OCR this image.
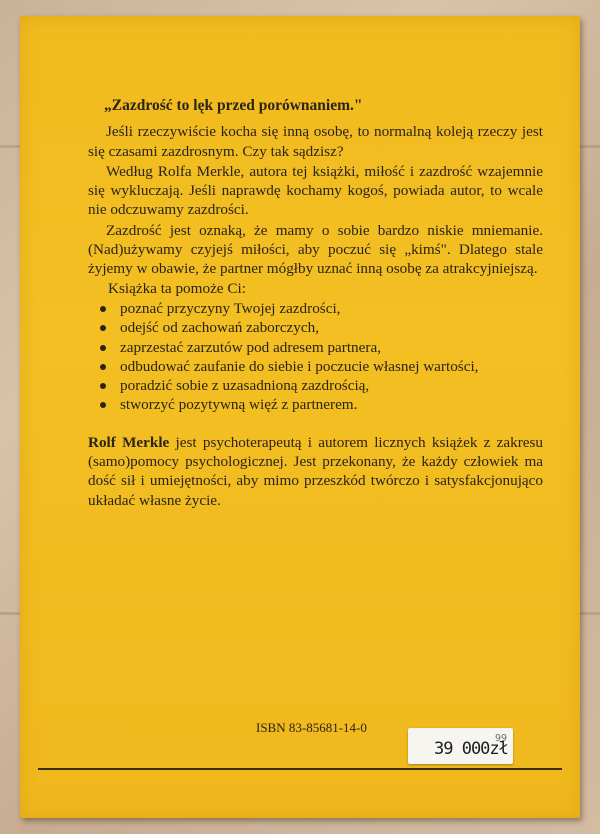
„Zazdrość to lęk przed porównaniem."

Jeśli rzeczywiście kocha się inną osobę, to normalną koleją rzeczy jest się czasami zazdrosnym. Czy tak sądzisz?

Według Rolfa Merkle, autora tej książki, miłość i zazdrość wzajemnie się wykluczają. Jeśli naprawdę kochamy kogoś, powiada autor, to wcale nie odczuwamy zazdrości.

Zazdrość jest oznaką, że mamy o sobie bardzo niskie mniemanie. (Nad)używamy czyjejś miłości, aby poczuć się „kimś". Dlatego stale żyjemy w obawie, że partner mógłby uznać inną osobę za atrakcyjniejszą.

Książka ta pomoże Ci:

poznać przyczyny Twojej zazdrości,
odejść od zachowań zaborczych,
zaprzestać zarzutów pod adresem partnera,
odbudować zaufanie do siebie i poczucie własnej wartości,
poradzić sobie z uzasadnioną zazdrością,
stworzyć pozytywną więź z partnerem.

Rolf Merkle jest psychoterapeutą i autorem licznych książek z zakresu (samo)pomocy psychologicznej. Jest przekonany, że każdy człowiek ma dość sił i umiejętności, aby mimo przeszkód twórczo i satysfakcjonująco układać własne życie.

ISBN 83-85681-14-0
66
39 000zł
